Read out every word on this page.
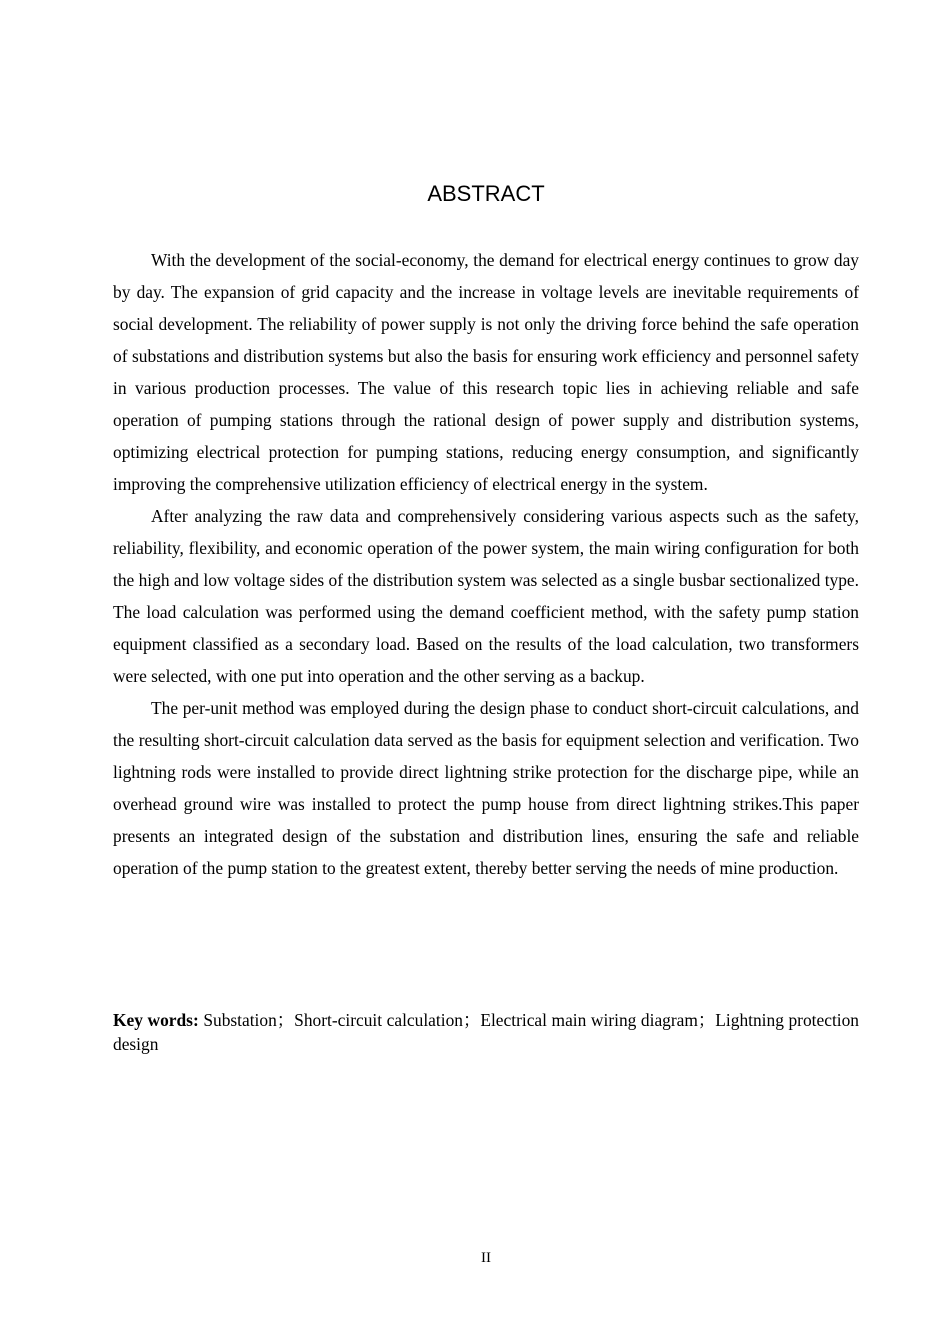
ABSTRACT

With the development of the social-economy, the demand for electrical energy continues to grow day by day. The expansion of grid capacity and the increase in voltage levels are inevitable requirements of social development. The reliability of power supply is not only the driving force behind the safe operation of substations and distribution systems but also the basis for ensuring work efficiency and personnel safety in various production processes. The value of this research topic lies in achieving reliable and safe operation of pumping stations through the rational design of power supply and distribution systems, optimizing electrical protection for pumping stations, reducing energy consumption, and significantly improving the comprehensive utilization efficiency of electrical energy in the system.

After analyzing the raw data and comprehensively considering various aspects such as the safety, reliability, flexibility, and economic operation of the power system, the main wiring configuration for both the high and low voltage sides of the distribution system was selected as a single busbar sectionalized type. The load calculation was performed using the demand coefficient method, with the safety pump station equipment classified as a secondary load. Based on the results of the load calculation, two transformers were selected, with one put into operation and the other serving as a backup.

The per-unit method was employed during the design phase to conduct short-circuit calculations, and the resulting short-circuit calculation data served as the basis for equipment selection and verification. Two lightning rods were installed to provide direct lightning strike protection for the discharge pipe, while an overhead ground wire was installed to protect the pump house from direct lightning strikes.This paper presents an integrated design of the substation and distribution lines, ensuring the safe and reliable operation of the pump station to the greatest extent, thereby better serving the needs of mine production.

Key words: Substation；Short-circuit calculation；Electrical main wiring diagram；Lightning protection design

II
